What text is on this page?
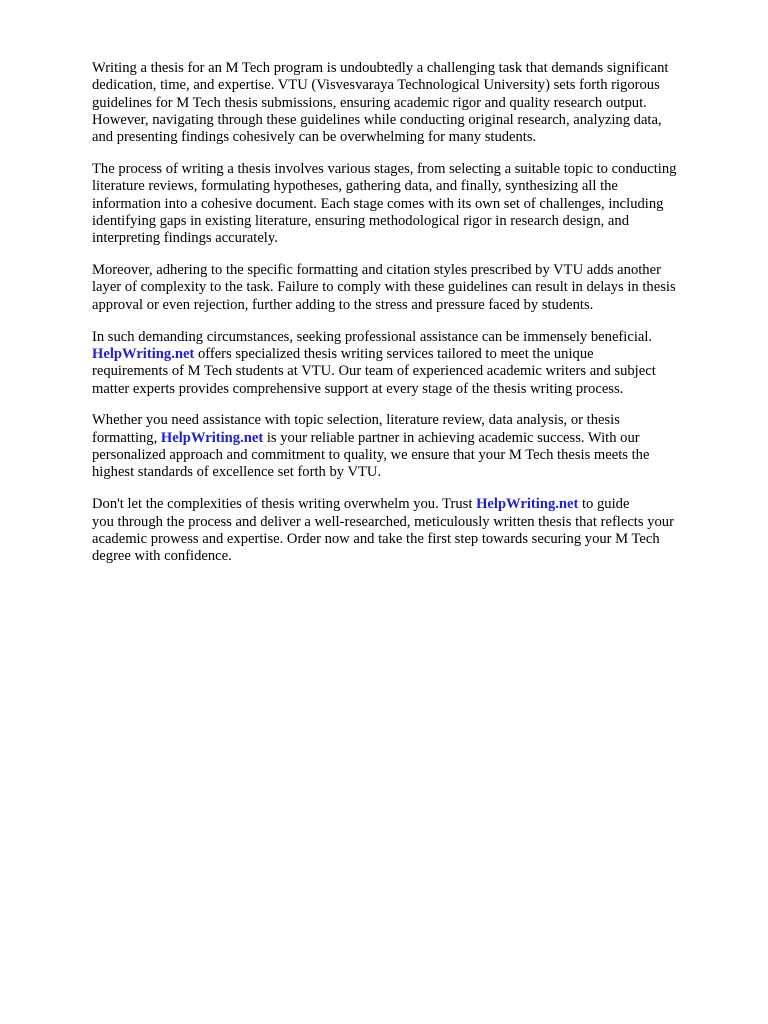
Writing a thesis for an M Tech program is undoubtedly a challenging task that demands significant
dedication, time, and expertise. VTU (Visvesvaraya Technological University) sets forth rigorous
guidelines for M Tech thesis submissions, ensuring academic rigor and quality research output.
However, navigating through these guidelines while conducting original research, analyzing data,
and presenting findings cohesively can be overwhelming for many students.

The process of writing a thesis involves various stages, from selecting a suitable topic to conducting
literature reviews, formulating hypotheses, gathering data, and finally, synthesizing all the
information into a cohesive document. Each stage comes with its own set of challenges, including
identifying gaps in existing literature, ensuring methodological rigor in research design, and
interpreting findings accurately.

Moreover, adhering to the specific formatting and citation styles prescribed by VTU adds another
layer of complexity to the task. Failure to comply with these guidelines can result in delays in thesis
approval or even rejection, further adding to the stress and pressure faced by students.

In such demanding circumstances, seeking professional assistance can be immensely beneficial.
HelpWriting.net offers specialized thesis writing services tailored to meet the unique
requirements of M Tech students at VTU. Our team of experienced academic writers and subject
matter experts provides comprehensive support at every stage of the thesis writing process.

Whether you need assistance with topic selection, literature review, data analysis, or thesis
formatting, HelpWriting.net is your reliable partner in achieving academic success. With our
personalized approach and commitment to quality, we ensure that your M Tech thesis meets the
highest standards of excellence set forth by VTU.

Don't let the complexities of thesis writing overwhelm you. Trust HelpWriting.net to guide
you through the process and deliver a well-researched, meticulously written thesis that reflects your
academic prowess and expertise. Order now and take the first step towards securing your M Tech
degree with confidence.
